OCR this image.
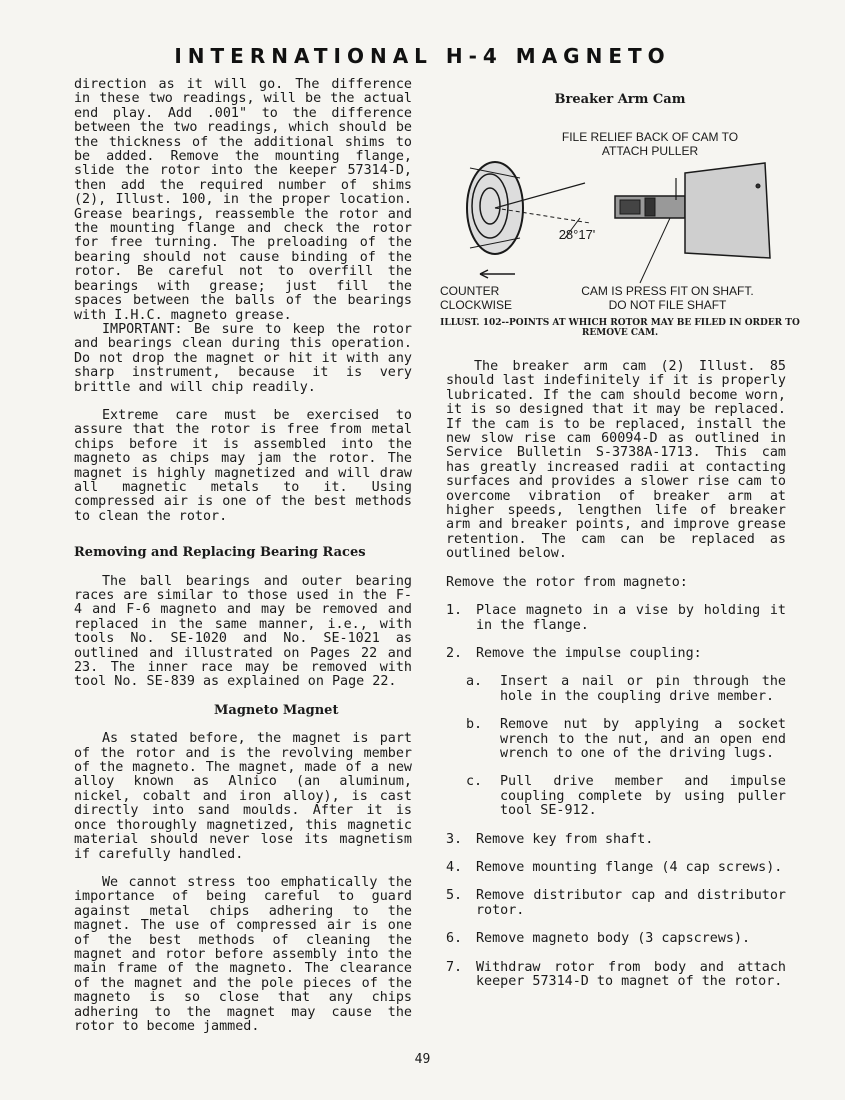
INTERNATIONAL H-4 MAGNETO

direction as it will go. The difference in these two readings, will be the actual end play. Add .001" to the difference between the two readings, which should be the thickness of the additional shims to be added. Remove the mounting flange, slide the rotor into the keeper 57314-D, then add the required number of shims (2), Illust. 100, in the proper location. Grease bearings, reassemble the rotor and the mounting flange and check the rotor for free turning. The preloading of the bearing should not cause binding of the rotor. Be careful not to overfill the bearings with grease; just fill the spaces between the balls of the bearings with I.H.C. magneto grease.

IMPORTANT: Be sure to keep the rotor and bearings clean during this operation. Do not drop the magnet or hit it with any sharp instrument, because it is very brittle and will chip readily.

Extreme care must be exercised to assure that the rotor is free from metal chips before it is assembled into the magneto as chips may jam the rotor. The magnet is highly magnetized and will draw all magnetic metals to it. Using compressed air is one of the best methods to clean the rotor.

Removing and Replacing Bearing Races

The ball bearings and outer bearing races are similar to those used in the F-4 and F-6 magneto and may be removed and replaced in the same manner, i.e., with tools No. SE-1020 and No. SE-1021 as outlined and illustrated on Pages 22 and 23. The inner race may be removed with tool No. SE-839 as explained on Page 22.

Magneto Magnet

As stated before, the magnet is part of the rotor and is the revolving member of the magneto. The magnet, made of a new alloy known as Alnico (an aluminum, nickel, cobalt and iron alloy), is cast directly into sand moulds. After it is once thoroughly magnetized, this magnetic material should never lose its magnetism if carefully handled.

We cannot stress too emphatically the importance of being careful to guard against metal chips adhering to the magnet. The use of compressed air is one of the best methods of cleaning the magnet and rotor before assembly into the main frame of the magneto. The clearance of the magnet and the pole pieces of the magneto is so close that any chips adhering to the magnet may cause the rotor to become jammed.

Breaker Arm Cam
FILE RELIEF BACK OF CAM TO ATTACH PULLER
28°17'
COUNTER CLOCKWISE
CAM IS PRESS FIT ON SHAFT. DO NOT FILE SHAFT
ILLUST. 102--POINTS AT WHICH ROTOR MAY BE FILED IN ORDER TO REMOVE CAM.

The breaker arm cam (2) Illust. 85 should last indefinitely if it is properly lubricated. If the cam should become worn, it is so designed that it may be replaced. If the cam is to be replaced, install the new slow rise cam 60094-D as outlined in Service Bulletin S-3738A-1713. This cam has greatly increased radii at contacting surfaces and provides a slower rise cam to overcome vibration of breaker arm at higher speeds, lengthen life of breaker arm and breaker points, and improve grease retention. The cam can be replaced as outlined below.

Remove the rotor from magneto:

1.	Place magneto in a vise by holding it in the flange.
2.	Remove the impulse coupling:
a.	Insert a nail or pin through the hole in the coupling drive member.
b.	Remove nut by applying a socket wrench to the nut, and an open end wrench to one of the driving lugs.
c.	Pull drive member and impulse coupling complete by using puller tool SE-912.
3.	Remove key from shaft.
4.	Remove mounting flange (4 cap screws).
5.	Remove distributor cap and distributor rotor.
6.	Remove magneto body (3 capscrews).
7.	Withdraw rotor from body and attach keeper 57314-D to magnet of the rotor.
49
